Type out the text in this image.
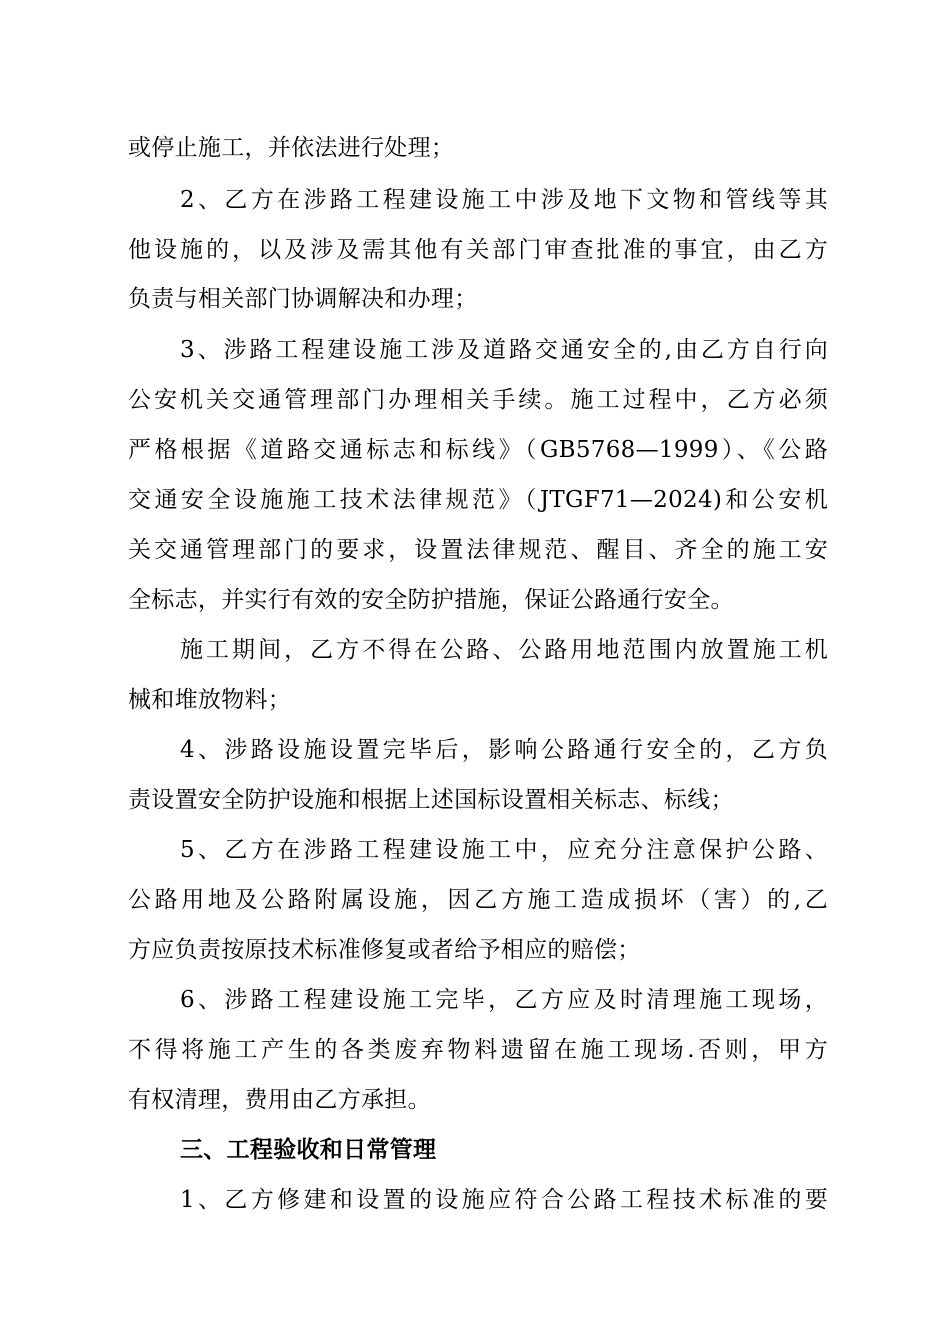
或停止施工，并依法进行处理；
2、乙方在涉路工程建设施工中涉及地下文物和管线等其
他设施的，以及涉及需其他有关部门审查批准的事宜，由乙方
负责与相关部门协调解决和办理；
3、涉路工程建设施工涉及道路交通安全的,由乙方自行向
公安机关交通管理部门办理相关手续。施工过程中，乙方必须
严格根据《道路交通标志和标线》（GB5768—1999）、《公路
交通安全设施施工技术法律规范》（JTGF71—2024)和公安机
关交通管理部门的要求，设置法律规范、醒目、齐全的施工安
全标志，并实行有效的安全防护措施，保证公路通行安全。
施工期间，乙方不得在公路、公路用地范围内放置施工机
械和堆放物料；
4、涉路设施设置完毕后，影响公路通行安全的，乙方负
责设置安全防护设施和根据上述国标设置相关标志、标线；
5、乙方在涉路工程建设施工中，应充分注意保护公路、
公路用地及公路附属设施，因乙方施工造成损坏（害）的,乙
方应负责按原技术标准修复或者给予相应的赔偿；
6、涉路工程建设施工完毕，乙方应及时清理施工现场，
不得将施工产生的各类废弃物料遗留在施工现场.否则，甲方
有权清理，费用由乙方承担。
三、工程验收和日常管理
1、乙方修建和设置的设施应符合公路工程技术标准的要
